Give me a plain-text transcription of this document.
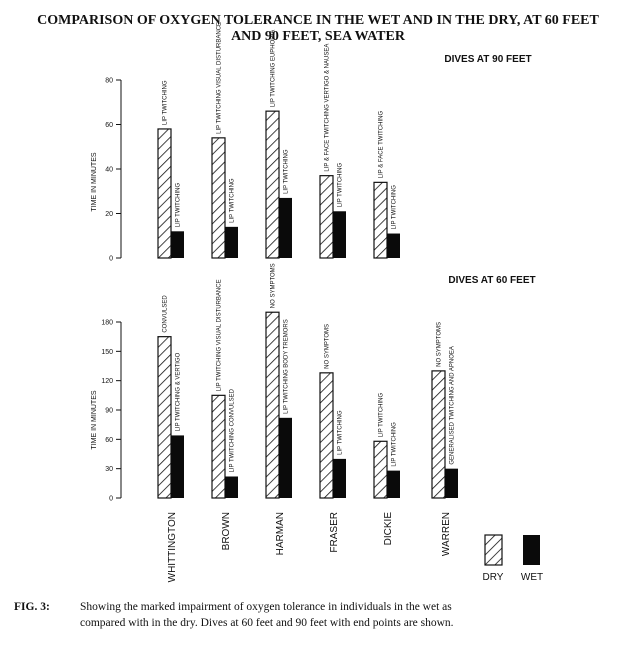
COMPARISON OF OXYGEN TOLERANCE IN THE WET AND IN THE DRY, AT 60 FEET
AND 90 FEET, SEA WATER
DIVES AT 90 FEET
TIME IN MINUTES
0
20
40
60
80	LIP TWITCHING
LIP TWITCHING
LIP TWITCHING VISUAL DISTURBANCE
LIP TWITCHING
LIP TWITCHING EUPHORIA
LIP TWITCHING
LIP & FACE TWITCHING VERTIGO & NAUSEA
LIP TWITCHING
LIP & FACE TWITCHING
LIP TWITCHING
DIVES AT 60 FEET
TIME IN MINUTES
0
30
60
90
120
150
180	CONVULSED
LIP TWITCHING & VERTIGO
LIP TWITCHING VISUAL DISTURBANCE
LIP TWITCHING CONVULSED
NO SYMPTOMS
LIP TWITCHING BODY TREMORS	NO SYMPTOMS
LIP TWITCHING	LIP TWITCHING
LIP TWITCHING
NO SYMPTOMS
GENERALISED TWITCHING AND APNOEA
WHITTINGTON	BROWN	HARMAN	FRASER	DICKIE	WARREN
DRY WET
FIG. 3:	Showing the marked impairment of oxygen tolerance in individuals in the wet as
compared with in the dry. Dives at 60 feet and 90 feet with end points are shown.
